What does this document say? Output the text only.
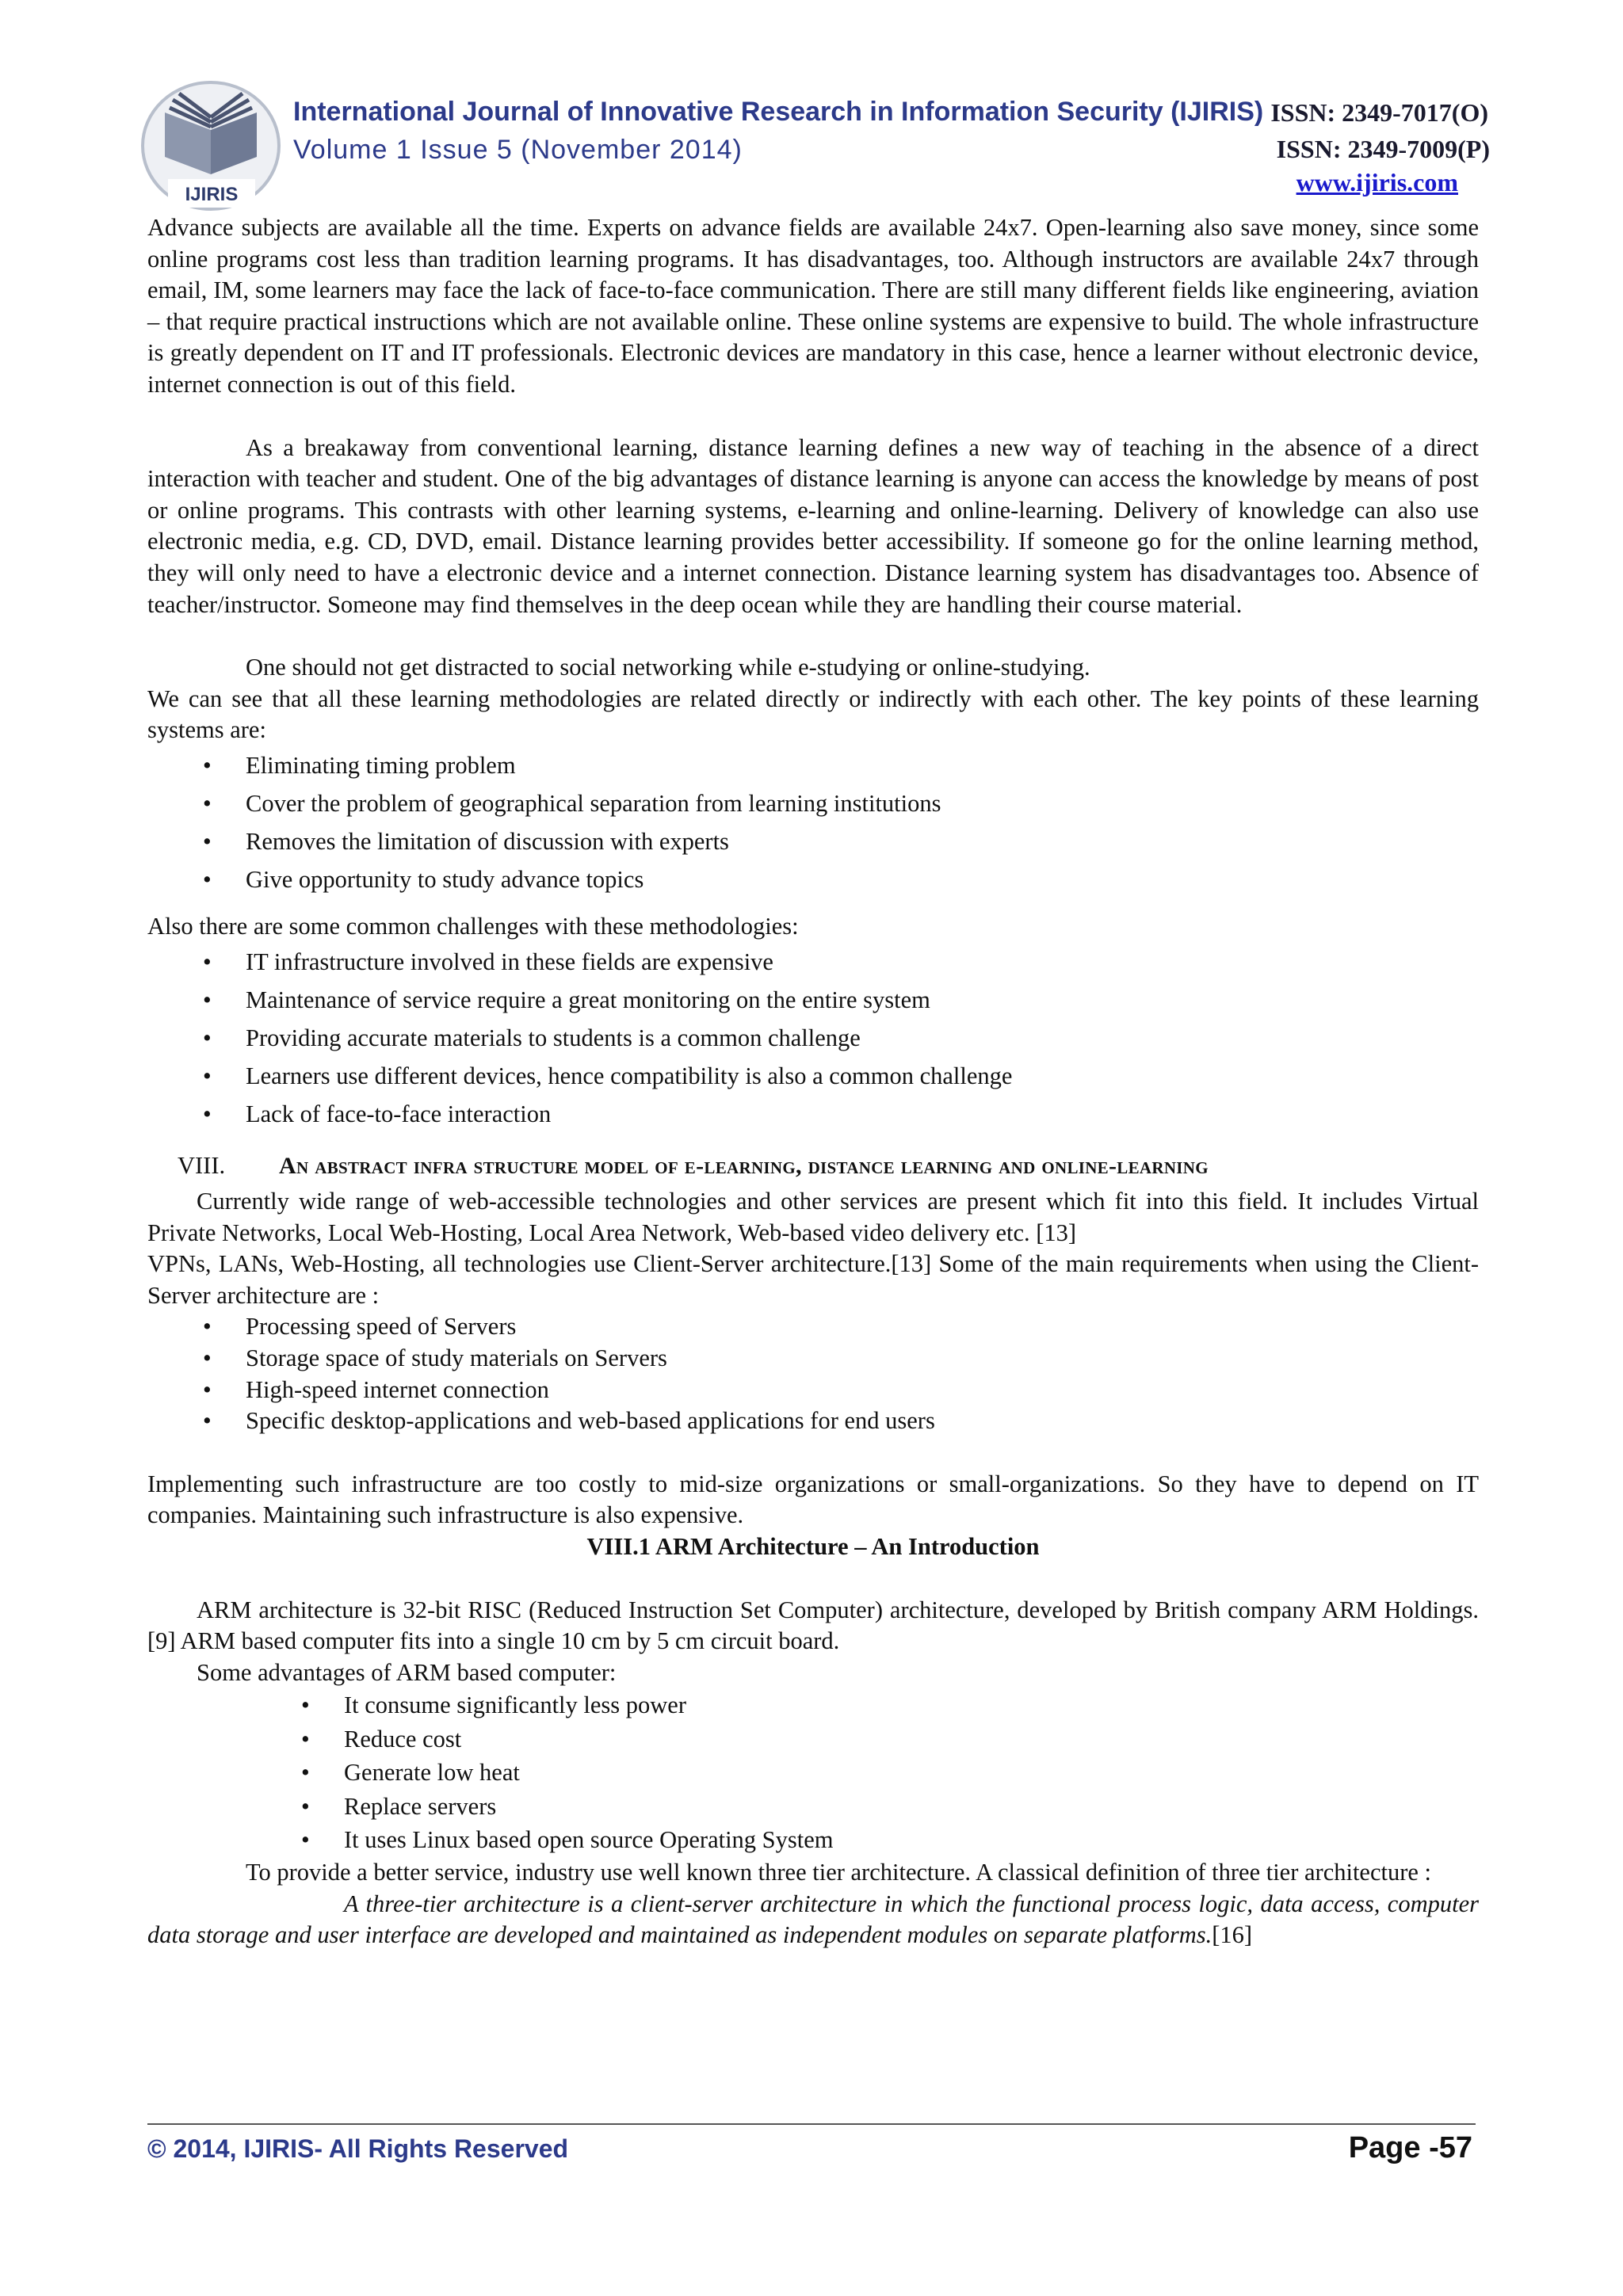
IJIRIS
International Journal of Innovative Research in Information Security (IJIRIS)
Volume 1 Issue 5 (November 2014)
ISSN: 2349-7017(O)
ISSN: 2349-7009(P)
www.ijiris.com

Advance subjects are available all the time. Experts on advance fields are available 24x7. Open-learning also save money, since some online programs cost less than tradition learning programs. It has disadvantages, too. Although instructors are available 24x7 through email, IM, some learners may face the lack of face-to-face communication. There are still many different fields like engineering, aviation – that require practical instructions which are not available online. These online systems are expensive to build. The whole infrastructure is greatly dependent on IT and IT professionals. Electronic devices are mandatory in this case, hence a learner without electronic device, internet connection is out of this field.

As a breakaway from conventional learning, distance learning defines a new way of teaching in the absence of a direct interaction with teacher and student. One of the big advantages of distance learning is anyone can access the knowledge by means of post or online programs. This contrasts with other learning systems, e-learning and online-learning. Delivery of knowledge can also use electronic media, e.g. CD, DVD, email. Distance learning provides better accessibility. If someone go for the online learning method, they will only need to have a electronic device and a internet connection. Distance learning system has disadvantages too. Absence of teacher/instructor. Someone may find themselves in the deep ocean while they are handling their course material.

One should not get distracted to social networking while e-studying or online-studying.

We can see that all these learning methodologies are related directly or indirectly with each other. The key points of these learning systems are:

• Eliminating timing problem
• Cover the problem of geographical separation from learning institutions
• Removes the limitation of discussion with experts
• Give opportunity to study advance topics

Also there are some common challenges with these methodologies:

• IT infrastructure involved in these fields are expensive
• Maintenance of service require a great monitoring on the entire system
• Providing accurate materials to students is a common challenge
• Learners use different devices, hence compatibility is also a common challenge
• Lack of face-to-face interaction
VIII.	An abstract infra structure model of e-learning, distance learning and online-learning

Currently wide range of web-accessible technologies and other services are present which fit into this field. It includes Virtual Private Networks, Local Web-Hosting, Local Area Network, Web-based video delivery etc. [13]

VPNs, LANs, Web-Hosting, all technologies use Client-Server architecture.[13] Some of the main requirements when using the Client-Server architecture are :

• Processing speed of Servers
• Storage space of study materials on Servers
• High-speed internet connection
• Specific desktop-applications and web-based applications for end users

Implementing such infrastructure are too costly to mid-size organizations or small-organizations. So they have to depend on IT companies. Maintaining such infrastructure is also expensive.

VIII.1 ARM Architecture – An Introduction

ARM architecture is 32-bit RISC (Reduced Instruction Set Computer) architecture, developed by British company ARM Holdings.[9] ARM based computer fits into a single 10 cm by 5 cm circuit board.

Some advantages of ARM based computer:

• It consume significantly less power
• Reduce cost
• Generate low heat
• Replace servers
• It uses Linux based open source Operating System

To provide a better service, industry use well known three tier architecture. A classical definition of three tier architecture :

A three-tier architecture is a client-server architecture in which the functional process logic, data access, computer data storage and user interface are developed and maintained as independent modules on separate platforms.[16]

© 2014, IJIRIS- All Rights Reserved	Page -57
